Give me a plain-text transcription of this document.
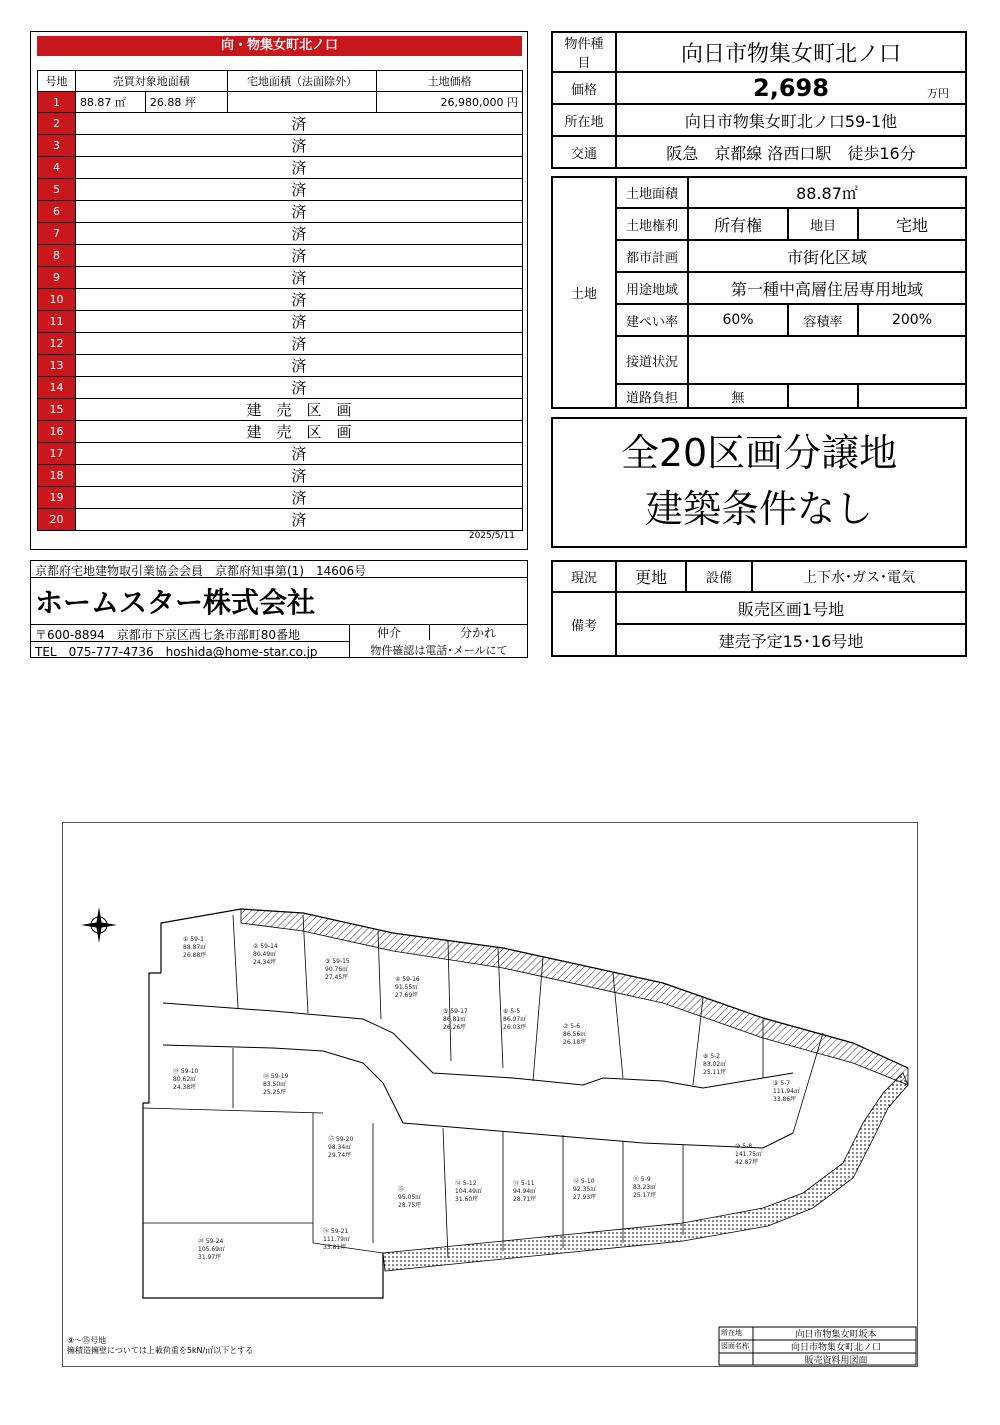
向・物集女町北ノ口
号地	売買対象地面積		宅地面積（法面除外）	土地価格
1	88.87 ㎡	26.88 坪		26,980,000 円
2	済			
3	済			
4	済			
5	済			
6	済			
7	済			
8	済			
9	済			
10	済			
11	済			
12	済			
13	済			
14	済			
15	建　売　区　画			
16	建　売　区　画			
17	済			
18	済			
19	済			
20	済			
2025/5/11
物件種目	向日市物集女町北ノ口
価格	2,698 万円

所在地	向日市物集女町北ノ口59-1他
交通	阪急　京都線 洛西口駅　徒歩16分
土地	土地面積	88.87㎡		
	土地権利	所有権	地目	宅地
	都市計画	市街化区域		
	用途地域	第一種中高層住居専用地域		
	建ぺい率	60%	容積率	200%
	接道状況			
	道路負担	無		
全20区画分譲地
建築条件なし
現況	更地	設備	上下水･ガス･電気
備考	販売区画1号地		
	建売予定15･16号地		
京都府宅地建物取引業協会会員　京都府知事第(1)　14606号
ホームスター株式会社
〒600-8894　京都市下京区西七条市部町80番地
TEL　075-777-4736　hoshida@home-star.co.jp
仲介	分かれ
物件確認は電話･メールにて
① 59-1
88.87㎡
26.88坪
② 59-14
80.49㎡
24.34坪	③ 59-15
90.76㎡
27.45坪	④ 59-16
91.55㎡
27.69坪
⑤ 59-17
86.81㎡
26.26坪
⑥ 5-5
86.07㎡
26.03坪	⑦ 5-6
86.56㎡
26.18坪
⑧ 5-2
83.02㎡
25.11坪
⑨ 5-7
111.94㎡
33.86坪
⑩ 5-8
141.75㎡
42.87坪
⑪ 5-9
83.23㎡
25.17坪
⑫ 5-10
92.35㎡
27.93坪
⑬ 5-11
94.94㎡
28.71坪
⑭ 5-12
104.49㎡
31.60坪
⑮
95.05㎡
28.75坪
⑯ 59-21
111.79㎡
33.81坪
⑰ 59-20
98.34㎡
29.74坪
⑱ 59-19
83.50㎡
25.25坪
⑲ 59-10
80.62㎡
24.38坪
⑳ 59-24
105.69㎡
31.97坪
所在地
図面名称
向日市物集女町坂本
向日市物集女町北ノ口
販売資料用図面
⑨～⑮号地
擁積造擁壁については上載荷重を5kN/㎡以下とする
